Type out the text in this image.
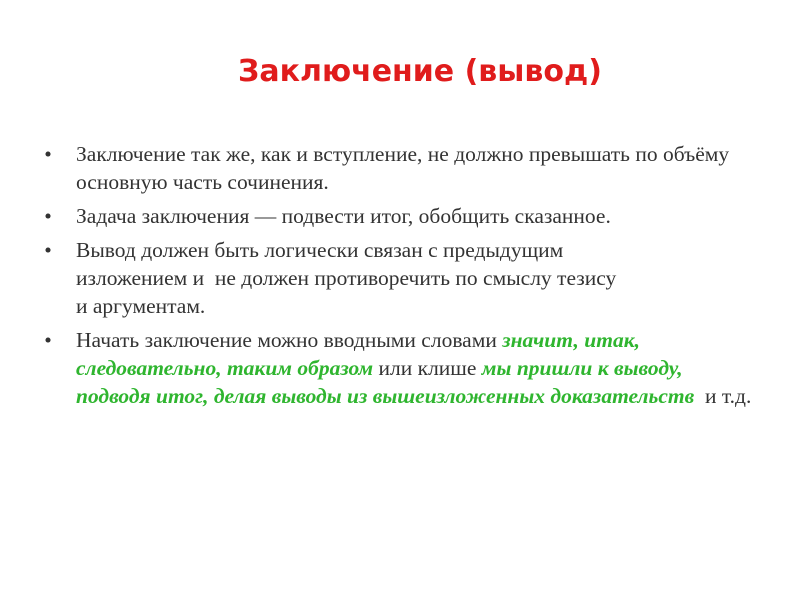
Заключение (вывод)
• Заключение так же, как и вступление, не должно превышать по объёму основную часть сочинения.
• Задача заключения — подвести итог, обобщить сказанное.
• Вывод должен быть логически связан с предыдущим
изложением и  не должен противоречить по смыслу тезису
и аргументам.
• Начать заключение можно вводными словами значит, итак, следовательно, таким образом или клише мы пришли к выводу, подводя итог, делая выводы из вышеизложенных доказательств  и т.д.
